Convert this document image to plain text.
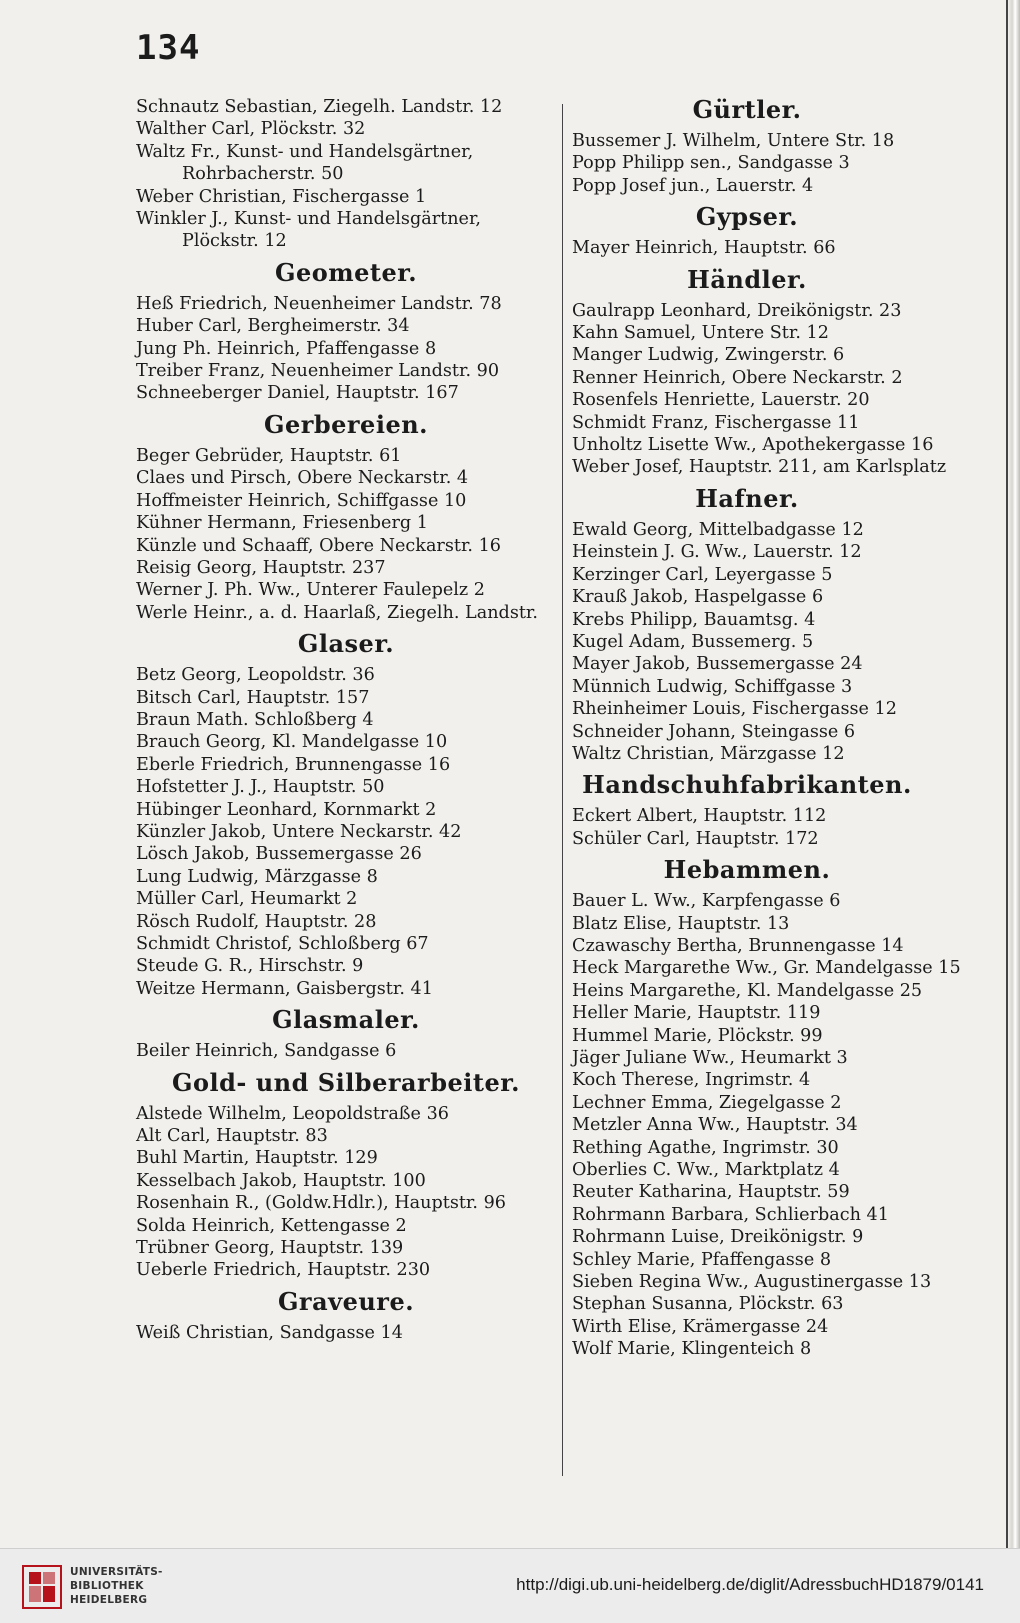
134
Schnautz Sebastian, Ziegelh. Landstr. 12
Walther Carl, Plöckstr. 32
Waltz Fr., Kunst- und Handelsgärtner,
Rohrbacherstr. 50
Weber Christian, Fischergasse 1
Winkler J., Kunst- und Handelsgärtner,
Plöckstr. 12
Geometer.
Heß Friedrich, Neuenheimer Landstr. 78
Huber Carl, Bergheimerstr. 34
Jung Ph. Heinrich, Pfaffengasse 8
Treiber Franz, Neuenheimer Landstr. 90
Schneeberger Daniel, Hauptstr. 167
Gerbereien.
Beger Gebrüder, Hauptstr. 61
Claes und Pirsch, Obere Neckarstr. 4
Hoffmeister Heinrich, Schiffgasse 10
Kühner Hermann, Friesenberg 1
Künzle und Schaaff, Obere Neckarstr. 16
Reisig Georg, Hauptstr. 237
Werner J. Ph. Ww., Unterer Faulepelz 2
Werle Heinr., a. d. Haarlaß, Ziegelh. Landstr.
Glaser.
Betz Georg, Leopoldstr. 36
Bitsch Carl, Hauptstr. 157
Braun Math. Schloßberg 4
Brauch Georg, Kl. Mandelgasse 10
Eberle Friedrich, Brunnengasse 16
Hofstetter J. J., Hauptstr. 50
Hübinger Leonhard, Kornmarkt 2
Künzler Jakob, Untere Neckarstr. 42
Lösch Jakob, Bussemergasse 26
Lung Ludwig, Märzgasse 8
Müller Carl, Heumarkt 2
Rösch Rudolf, Hauptstr. 28
Schmidt Christof, Schloßberg 67
Steude G. R., Hirschstr. 9
Weitze Hermann, Gaisbergstr. 41
Glasmaler.
Beiler Heinrich, Sandgasse 6
Gold- und Silberarbeiter.
Alstede Wilhelm, Leopoldstraße 36
Alt Carl, Hauptstr. 83
Buhl Martin, Hauptstr. 129
Kesselbach Jakob, Hauptstr. 100
Rosenhain R., (Goldw.Hdlr.), Hauptstr. 96
Solda Heinrich, Kettengasse 2
Trübner Georg, Hauptstr. 139
Ueberle Friedrich, Hauptstr. 230
Graveure.
Weiß Christian, Sandgasse 14
Gürtler.
Bussemer J. Wilhelm, Untere Str. 18
Popp Philipp sen., Sandgasse 3
Popp Josef jun., Lauerstr. 4
Gypser.
Mayer Heinrich, Hauptstr. 66
Händler.
Gaulrapp Leonhard, Dreikönigstr. 23
Kahn Samuel, Untere Str. 12
Manger Ludwig, Zwingerstr. 6
Renner Heinrich, Obere Neckarstr. 2
Rosenfels Henriette, Lauerstr. 20
Schmidt Franz, Fischergasse 11
Unholtz Lisette Ww., Apothekergasse 16
Weber Josef, Hauptstr. 211, am Karlsplatz
Hafner.
Ewald Georg, Mittelbadgasse 12
Heinstein J. G. Ww., Lauerstr. 12
Kerzinger Carl, Leyergasse 5
Krauß Jakob, Haspelgasse 6
Krebs Philipp, Bauamtsg. 4
Kugel Adam, Bussemerg. 5
Mayer Jakob, Bussemergasse 24
Münnich Ludwig, Schiffgasse 3
Rheinheimer Louis, Fischergasse 12
Schneider Johann, Steingasse 6
Waltz Christian, Märzgasse 12
Handschuhfabrikanten.
Eckert Albert, Hauptstr. 112
Schüler Carl, Hauptstr. 172
Hebammen.
Bauer L. Ww., Karpfengasse 6
Blatz Elise, Hauptstr. 13
Czawaschy Bertha, Brunnengasse 14
Heck Margarethe Ww., Gr. Mandelgasse 15
Heins Margarethe, Kl. Mandelgasse 25
Heller Marie, Hauptstr. 119
Hummel Marie, Plöckstr. 99
Jäger Juliane Ww., Heumarkt 3
Koch Therese, Ingrimstr. 4
Lechner Emma, Ziegelgasse 2
Metzler Anna Ww., Hauptstr. 34
Rething Agathe, Ingrimstr. 30
Oberlies C. Ww., Marktplatz 4
Reuter Katharina, Hauptstr. 59
Rohrmann Barbara, Schlierbach 41
Rohrmann Luise, Dreikönigstr. 9
Schley Marie, Pfaffengasse 8
Sieben Regina Ww., Augustinergasse 13
Stephan Susanna, Plöckstr. 63
Wirth Elise, Krämergasse 24
Wolf Marie, Klingenteich 8
UNIVERSITÄTS-
BIBLIOTHEK
HEIDELBERG
http://digi.ub.uni-heidelberg.de/diglit/AdressbuchHD1879/0141
